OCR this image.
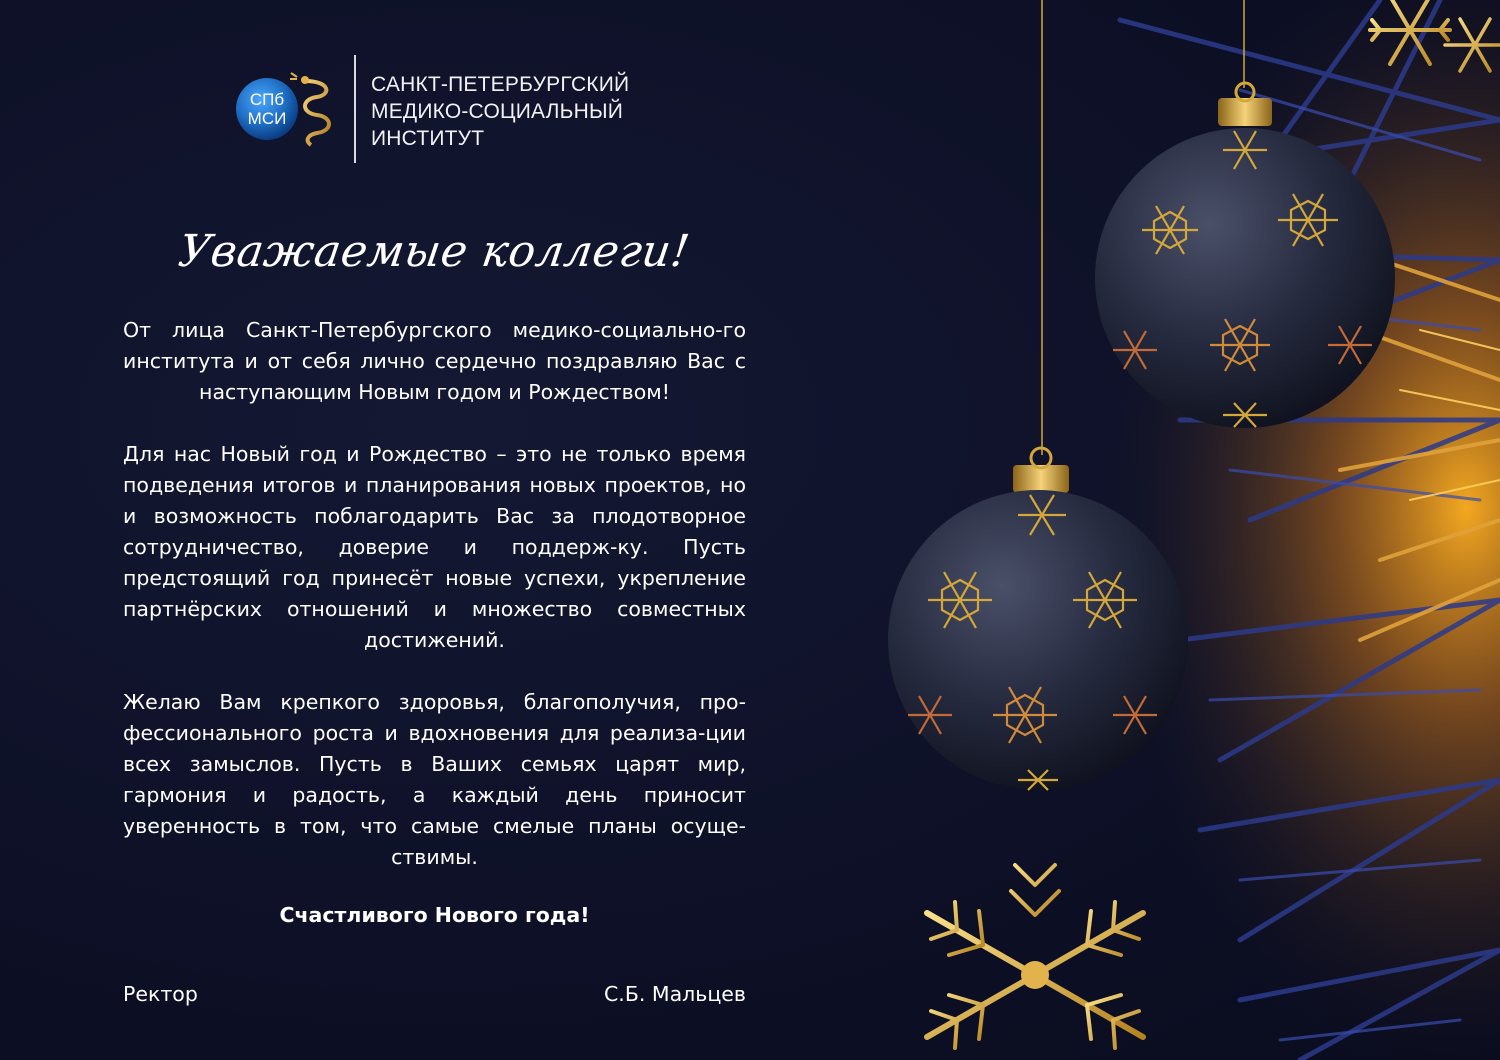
СПб
МСИ
САНКТ-ПЕТЕРБУРГСКИЙ
МЕДИКО-СОЦИАЛЬНЫЙ
ИНСТИТУТ
Уважаемые коллеги!

От лица Санкт-Петербургского медико-социально-го института и от себя лично сердечно поздравляю Вас с наступающим Новым годом и Рождеством!

Для нас Новый год и Рождество – это не только время подведения итогов и планирования новых проектов, но и возможность поблагодарить Вас за плодотворное сотрудничество, доверие и поддерж-ку. Пусть предстоящий год принесёт новые успехи, укрепление партнёрских отношений и множество совместных достижений.

Желаю Вам крепкого здоровья, благополучия, про-фессионального роста и вдохновения для реализа-ции всех замыслов. Пусть в Ваших семьях царят мир, гармония и радость, а каждый день приносит уверенность в том, что самые смелые планы осуще-ствимы.

Счастливого Нового года!
Ректор	С.Б. Мальцев
